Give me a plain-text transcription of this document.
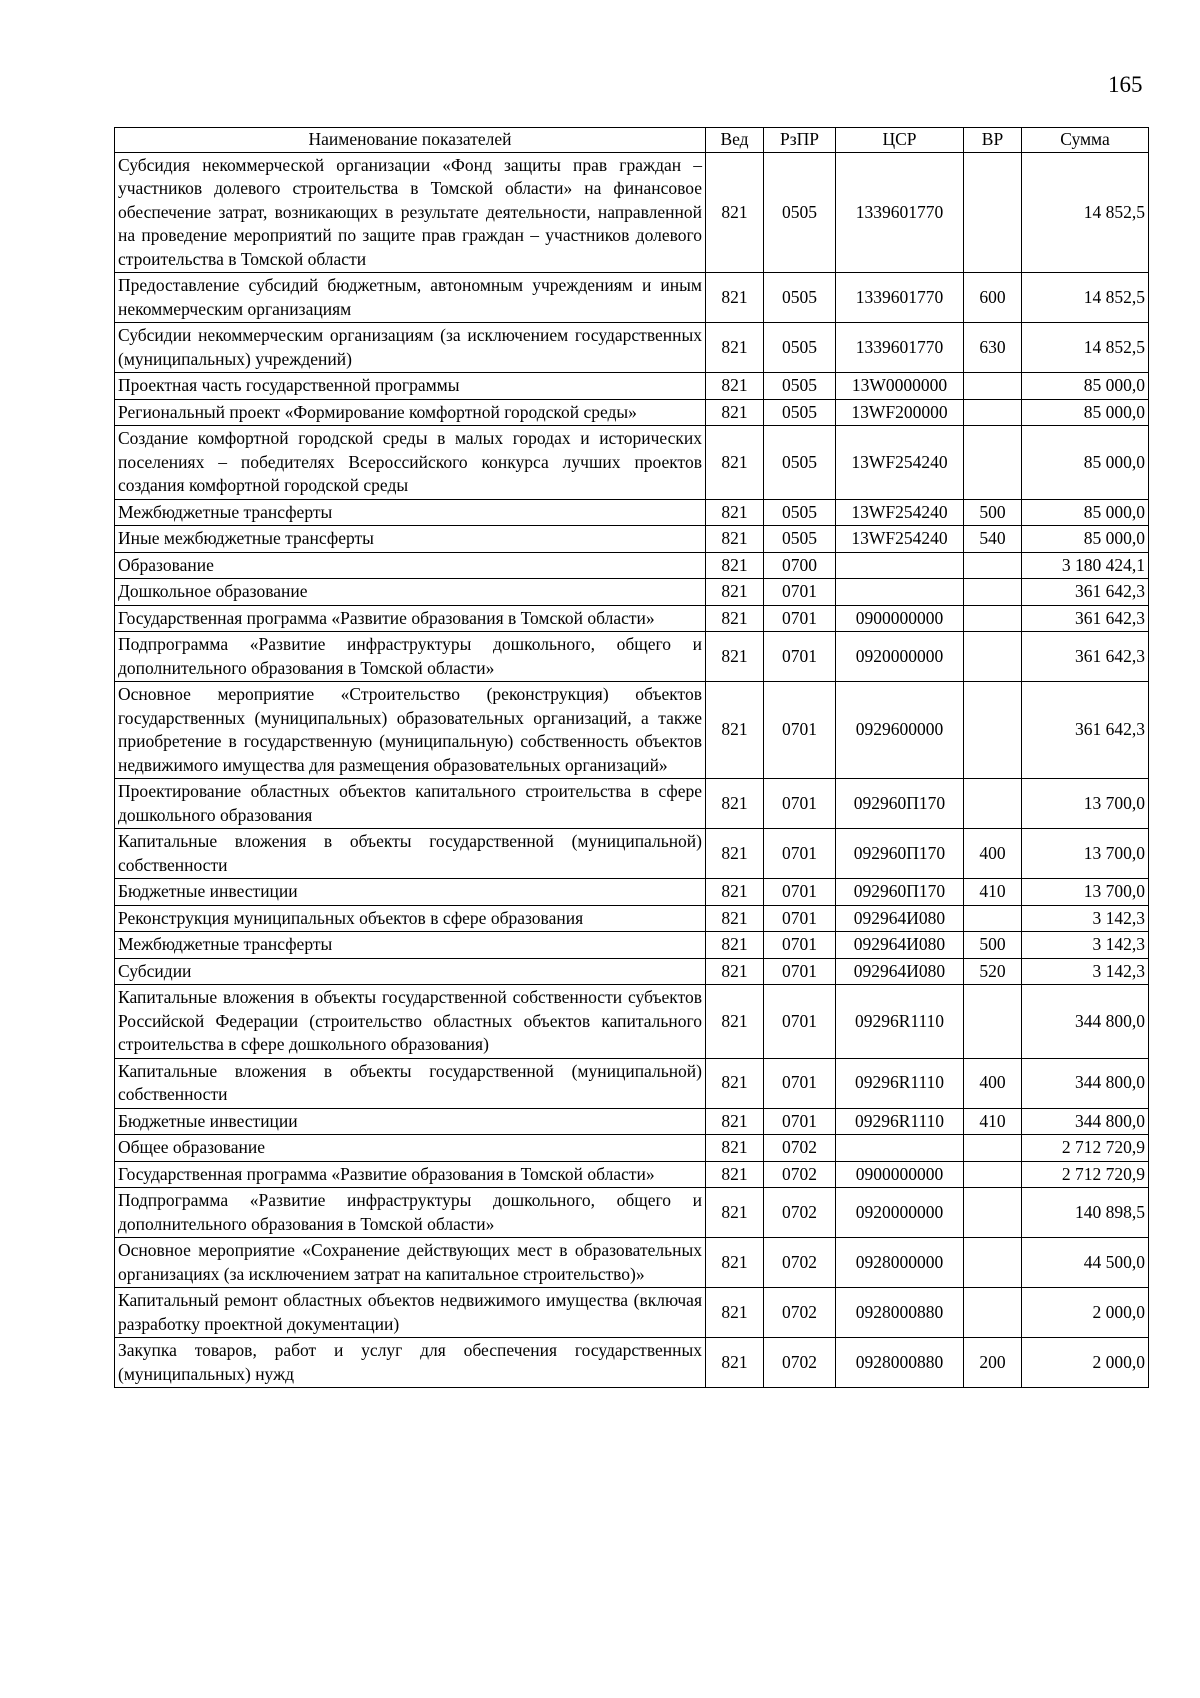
165
Наименование показателей	Вед	РзПР	ЦСР	ВР	Сумма
Субсидия некоммерческой организации «Фонд защиты прав граждан – участников долевого строительства в Томской области» на финансовое обеспечение затрат, возникающих в результате деятельности, направленной на проведение мероприятий по защите прав граждан – участников долевого строительства в Томской области	821	0505	1339601770		14 852,5
Предоставление субсидий бюджетным, автономным учреждениям и иным некоммерческим организациям	821	0505	1339601770	600	14 852,5
Субсидии некоммерческим организациям (за исключением государственных (муниципальных) учреждений)	821	0505	1339601770	630	14 852,5
Проектная часть государственной программы	821	0505	13W0000000		85 000,0
Региональный проект «Формирование комфортной городской среды»	821	0505	13WF200000		85 000,0
Создание комфортной городской среды в малых городах и исторических поселениях – победителях Всероссийского конкурса лучших проектов создания комфортной городской среды	821	0505	13WF254240		85 000,0
Межбюджетные трансферты	821	0505	13WF254240	500	85 000,0
Иные межбюджетные трансферты	821	0505	13WF254240	540	85 000,0
Образование	821	0700			3 180 424,1
Дошкольное образование	821	0701			361 642,3
Государственная программа «Развитие образования в Томской области»	821	0701	0900000000		361 642,3
Подпрограмма «Развитие инфраструктуры дошкольного, общего и дополнительного образования в Томской области»	821	0701	0920000000		361 642,3
Основное мероприятие «Строительство (реконструкция) объектов государственных (муниципальных) образовательных организаций, а также приобретение в государственную (муниципальную) собственность объектов недвижимого имущества для размещения образовательных организаций»	821	0701	0929600000		361 642,3
Проектирование областных объектов капитального строительства в сфере дошкольного образования	821	0701	092960П170		13 700,0
Капитальные вложения в объекты государственной (муниципальной) собственности	821	0701	092960П170	400	13 700,0
Бюджетные инвестиции	821	0701	092960П170	410	13 700,0
Реконструкция муниципальных объектов в сфере образования	821	0701	092964И080		3 142,3
Межбюджетные трансферты	821	0701	092964И080	500	3 142,3
Субсидии	821	0701	092964И080	520	3 142,3
Капитальные вложения в объекты государственной собственности субъектов Российской Федерации (строительство областных объектов капитального строительства в сфере дошкольного образования)	821	0701	09296R1110		344 800,0
Капитальные вложения в объекты государственной (муниципальной) собственности	821	0701	09296R1110	400	344 800,0
Бюджетные инвестиции	821	0701	09296R1110	410	344 800,0
Общее образование	821	0702			2 712 720,9
Государственная программа «Развитие образования в Томской области»	821	0702	0900000000		2 712 720,9
Подпрограмма «Развитие инфраструктуры дошкольного, общего и дополнительного образования в Томской области»	821	0702	0920000000		140 898,5
Основное мероприятие «Сохранение действующих мест в образовательных организациях (за исключением затрат на капитальное строительство)»	821	0702	0928000000		44 500,0
Капитальный ремонт областных объектов недвижимого имущества (включая разработку проектной документации)	821	0702	0928000880		2 000,0
Закупка товаров, работ и услуг для обеспечения государственных (муниципальных) нужд	821	0702	0928000880	200	2 000,0
